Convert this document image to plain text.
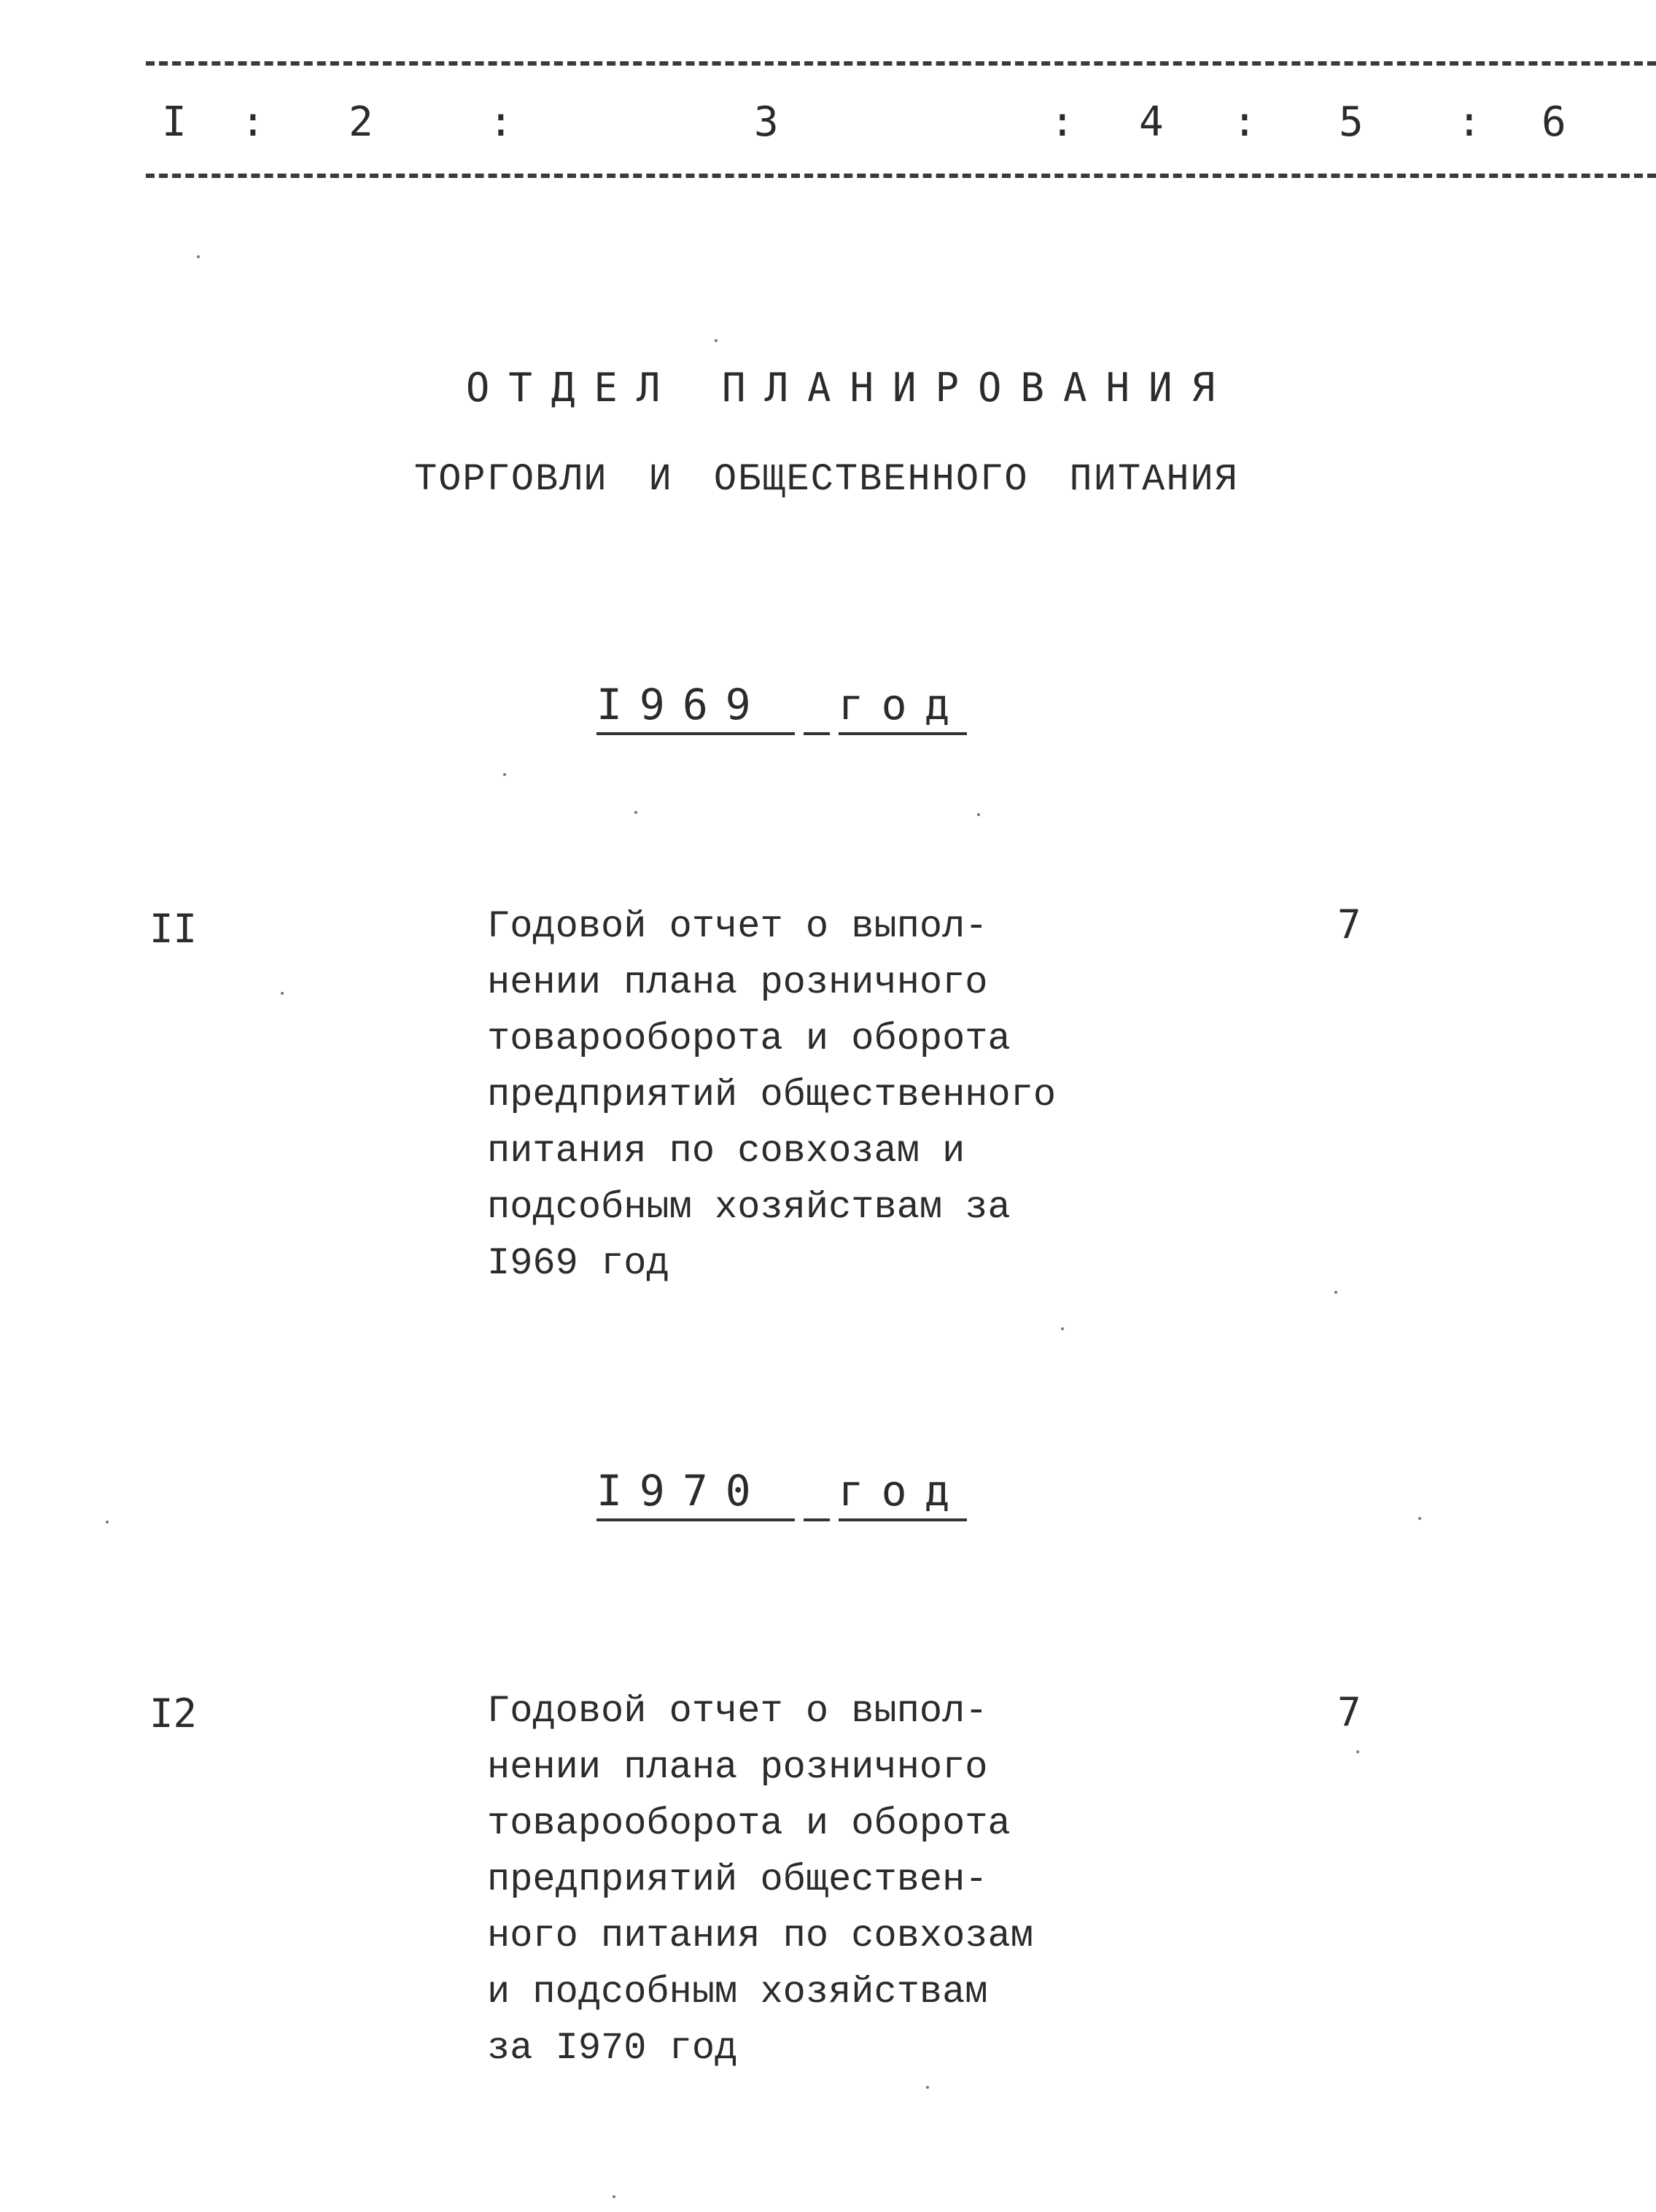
I : 2	:	3	: 4 : 5 : 6
ОТДЕЛ ПЛАНИРОВАНИЯ
ТОРГОВЛИ И ОБЩЕСТВЕННОГО ПИТАНИЯ
I969 год
II	Годовой отчет о выпол-
нении плана розничного
товарооборота и оборота
предприятий общественного
питания по совхозам и
подсобным хозяйствам за
I969 год
7
I970 год
I2	Годовой отчет о выпол-
нении плана розничного
товарооборота и оборота
предприятий обществен-
ного питания по совхозам
и подсобным хозяйствам
за I970 год
7
